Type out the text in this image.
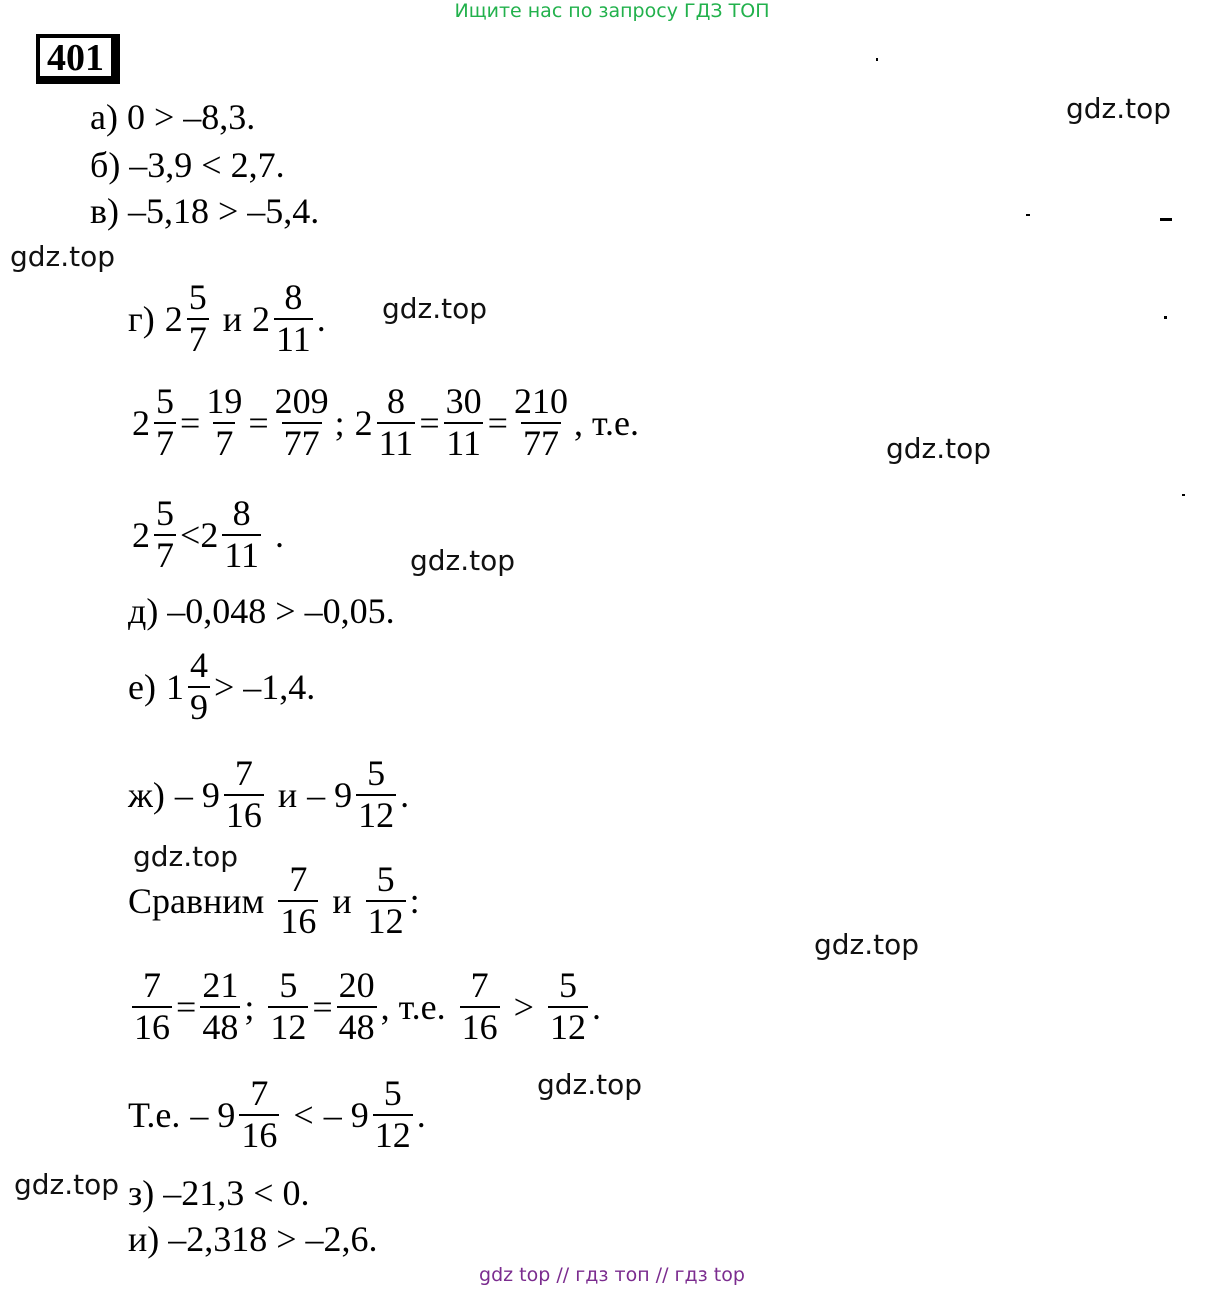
Ищите нас по запросу ГДЗ ТОП
401
gdz.top
gdz.top
gdz.top
gdz.top
gdz.top
gdz.top
gdz.top
gdz.top
gdz.top
а) 0 > –8,3.
б) –3,9 < 2,7.
в) –5,18 > –5,4.
г) $2 \frac{5}{7}$ и $2 \frac{8}{11}$ .
$2 \frac{5}{7} = \frac{19}{7} = \frac{209}{77}$ ; $2 \frac{8}{11} = \frac{30}{11} = \frac{210}{77}$ , т.е.
$2 \frac{5}{7} < 2 \frac{8}{11}$ .
д) –0,048 > –0,05.
е) $1 \frac{4}{9} > -1,4$.
$ж) - 9 \frac{7}{16}$ и – $9 \frac{5}{12}$ .
Сравним $\frac{7}{16}$ и $\frac{5}{12}$ :
$\frac{7}{16} = \frac{21}{48}$ ; $\frac{5}{12} = \frac{20}{48}$ , т.е. $\frac{7}{16} > \frac{5}{12}$ .
Т.е. – $9 \frac{7}{16}$ < – $9 \frac{5}{12}$ .
з) –21,3 < 0.
и) –2,318 > –2,6.
gdz top // гдз топ // гдз top
